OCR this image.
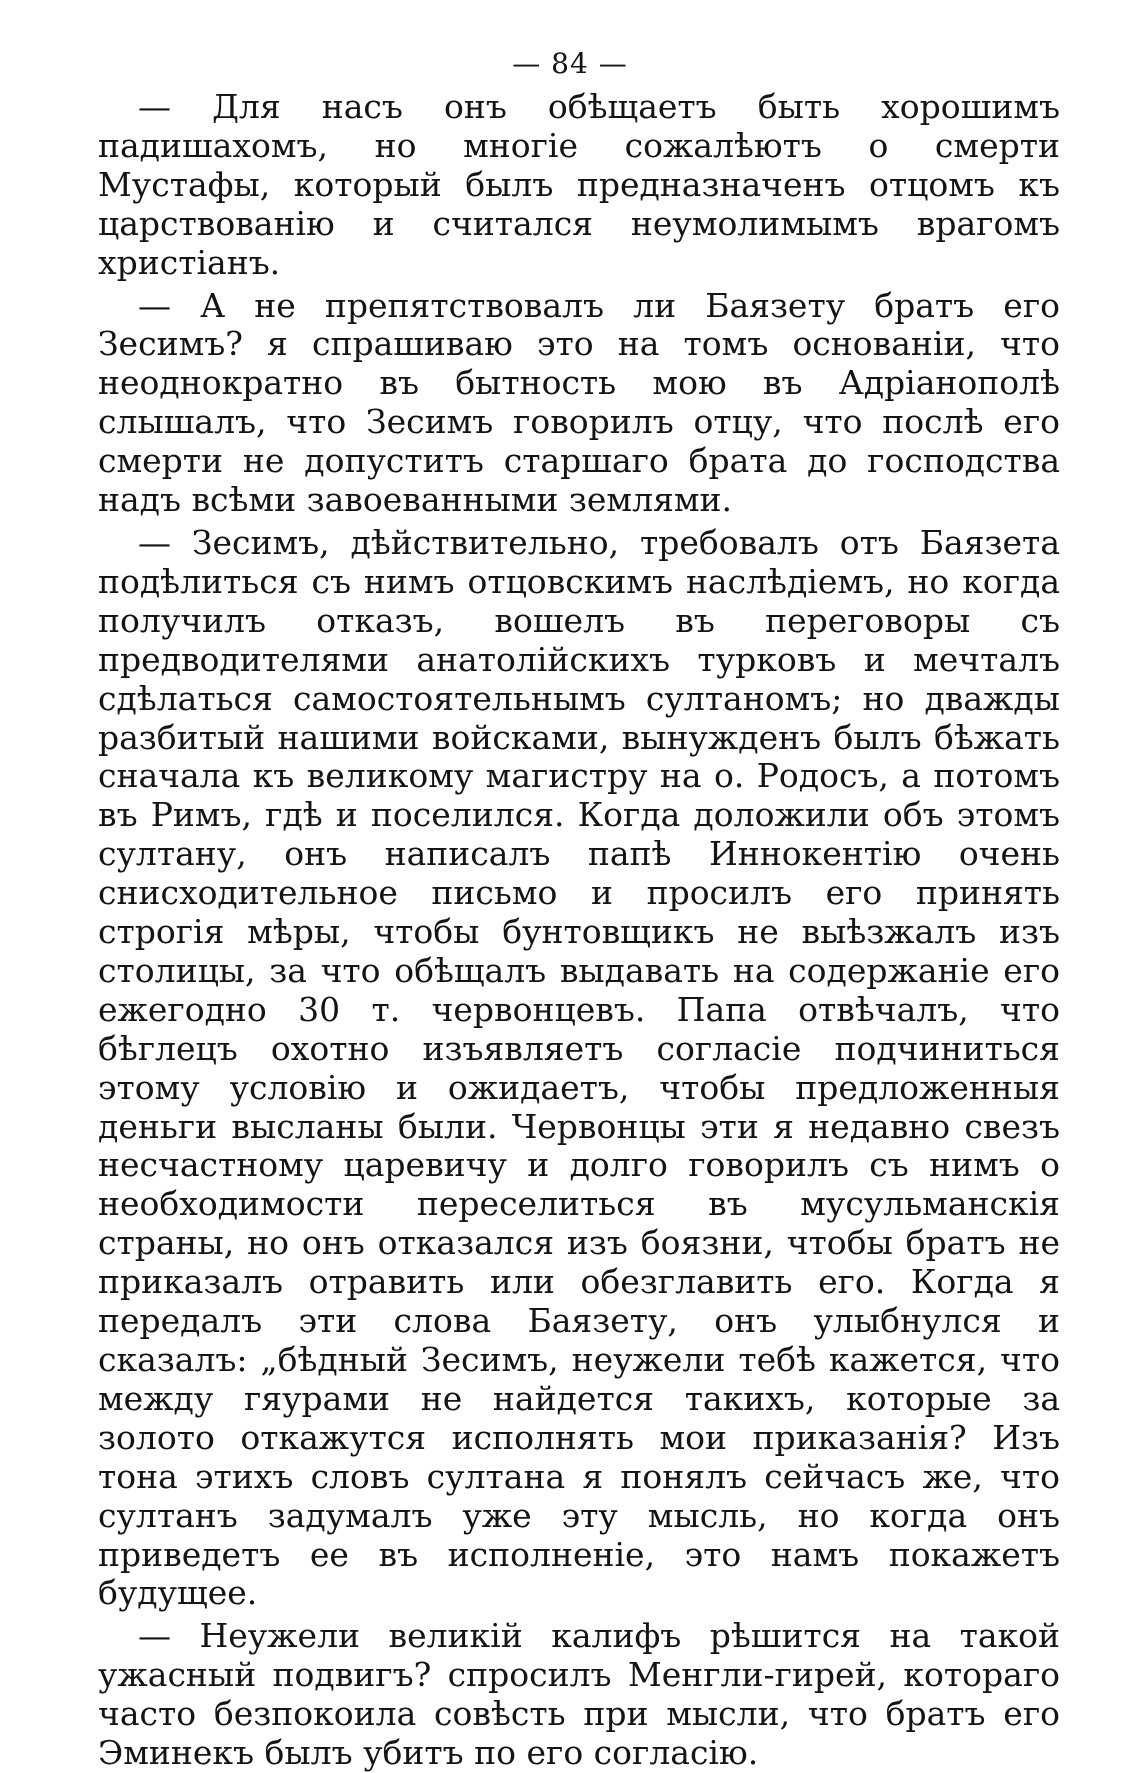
— 84 —

— Для насъ онъ обѣщаетъ быть хорошимъ падишахомъ, но многіе сожалѣютъ о смерти Мустафы, который былъ предназначенъ отцомъ къ царствованію и считался неумолимымъ врагомъ христіанъ.

— А не препятствовалъ ли Баязету братъ его Зесимъ? я спрашиваю это на томъ основаніи, что неоднократно въ бытность мою въ Адріанополѣ слышалъ, что Зесимъ говорилъ отцу, что послѣ его смерти не допуститъ старшаго брата до господства надъ всѣми завоеванными землями.

— Зесимъ, дѣйствительно, требовалъ отъ Баязета подѣлиться съ нимъ отцовскимъ наслѣдіемъ, но когда получилъ отказъ, вошелъ въ переговоры съ предводителями анатолійскихъ турковъ и мечталъ сдѣлаться самостоятельнымъ султаномъ; но дважды разбитый нашими войсками, вынужденъ былъ бѣжать сначала къ великому магистру на о. Родосъ, а потомъ въ Римъ, гдѣ и поселился. Когда доложили объ этомъ султану, онъ написалъ папѣ Иннокентію очень снисходительное письмо и просилъ его принять строгія мѣры, чтобы бунтовщикъ не выѣзжалъ изъ столицы, за что обѣщалъ выдавать на содержаніе его ежегодно 30 т. червонцевъ. Папа отвѣчалъ, что бѣглецъ охотно изъявляетъ согласіе подчиниться этому условію и ожидаетъ, чтобы предложенныя деньги высланы были. Червонцы эти я недавно свезъ несчастному царевичу и долго говорилъ съ нимъ о необходимости переселиться въ мусульманскія страны, но онъ отказался изъ боязни, чтобы братъ не приказалъ отравить или обезглавить его. Когда я передалъ эти слова Баязету, онъ улыбнулся и сказалъ: „бѣдный Зесимъ, неужели тебѣ кажется, что между гяурами не найдется такихъ, которые за золото откажутся исполнять мои приказанія? Изъ тона этихъ словъ султана я понялъ сейчасъ же, что султанъ задумалъ уже эту мысль, но когда онъ приведетъ ее въ исполненіе, это намъ покажетъ будущее.

— Неужели великій калифъ рѣшится на такой ужасный подвигъ? спросилъ Менгли-гирей, котораго часто безпокоила совѣсть при мысли, что братъ его Эминекъ былъ убитъ по его согласію.
